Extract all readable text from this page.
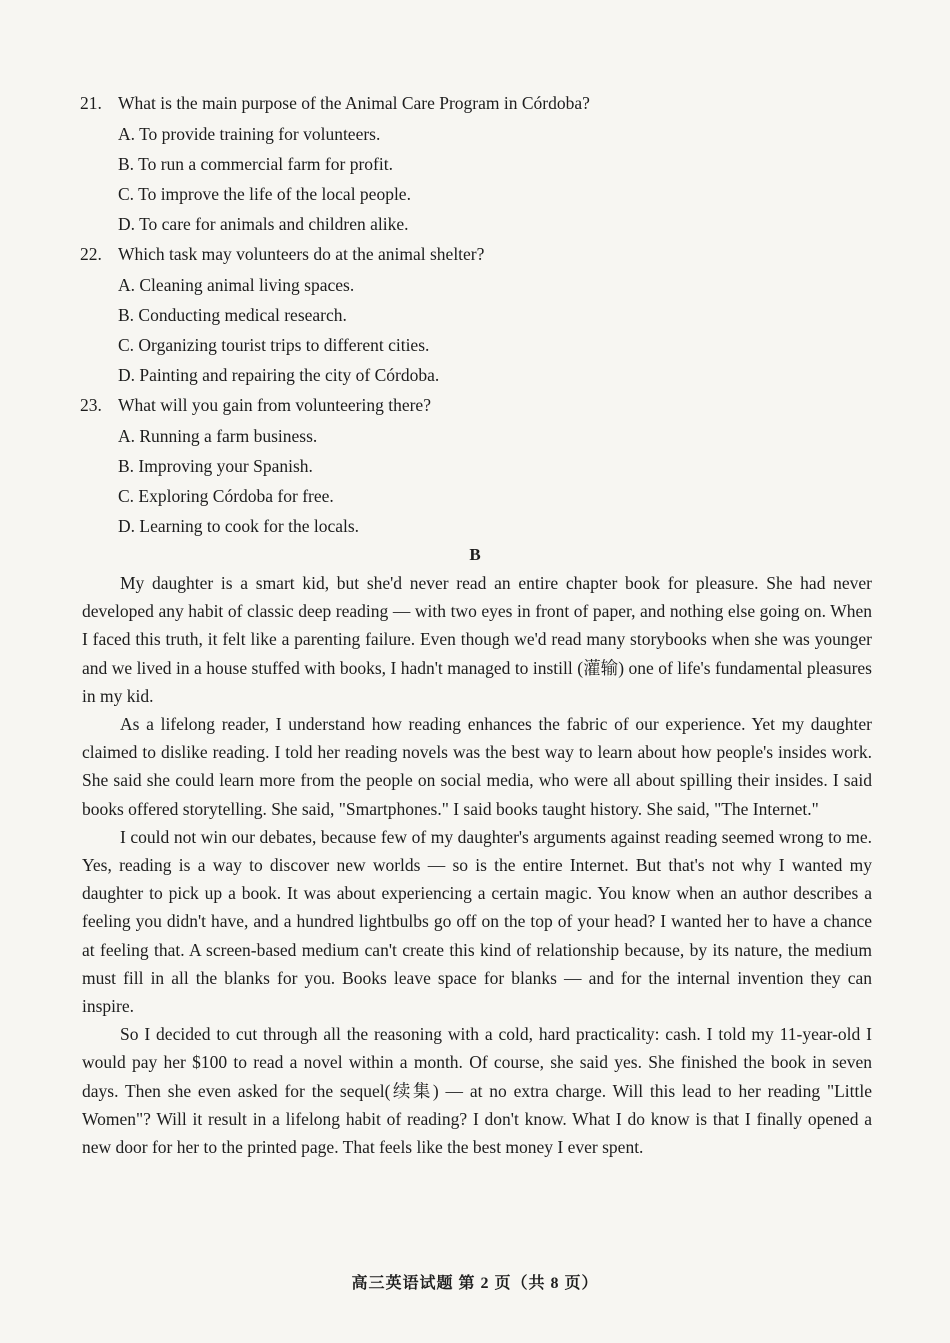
21. What is the main purpose of the Animal Care Program in Córdoba?
A. To provide training for volunteers.
B. To run a commercial farm for profit.
C. To improve the life of the local people.
D. To care for animals and children alike.
22. Which task may volunteers do at the animal shelter?
A. Cleaning animal living spaces.
B. Conducting medical research.
C. Organizing tourist trips to different cities.
D. Painting and repairing the city of Córdoba.
23. What will you gain from volunteering there?
A. Running a farm business.
B. Improving your Spanish.
C. Exploring Córdoba for free.
D. Learning to cook for the locals.
B

My daughter is a smart kid, but she'd never read an entire chapter book for pleasure. She had never developed any habit of classic deep reading — with two eyes in front of paper, and nothing else going on. When I faced this truth, it felt like a parenting failure. Even though we'd read many storybooks when she was younger and we lived in a house stuffed with books, I hadn't managed to instill (灌输) one of life's fundamental pleasures in my kid.

As a lifelong reader, I understand how reading enhances the fabric of our experience. Yet my daughter claimed to dislike reading. I told her reading novels was the best way to learn about how people's insides work. She said she could learn more from the people on social media, who were all about spilling their insides. I said books offered storytelling. She said, "Smartphones." I said books taught history. She said, "The Internet."

I could not win our debates, because few of my daughter's arguments against reading seemed wrong to me. Yes, reading is a way to discover new worlds — so is the entire Internet. But that's not why I wanted my daughter to pick up a book. It was about experiencing a certain magic. You know when an author describes a feeling you didn't have, and a hundred lightbulbs go off on the top of your head? I wanted her to have a chance at feeling that. A screen-based medium can't create this kind of relationship because, by its nature, the medium must fill in all the blanks for you. Books leave space for blanks — and for the internal invention they can inspire.

So I decided to cut through all the reasoning with a cold, hard practicality: cash. I told my 11-year-old I would pay her $100 to read a novel within a month. Of course, she said yes. She finished the book in seven days. Then she even asked for the sequel(续集) — at no extra charge. Will this lead to her reading "Little Women"? Will it result in a lifelong habit of reading? I don't know. What I do know is that I finally opened a new door for her to the printed page. That feels like the best money I ever spent.

高三英语试题 第 2 页（共 8 页）
